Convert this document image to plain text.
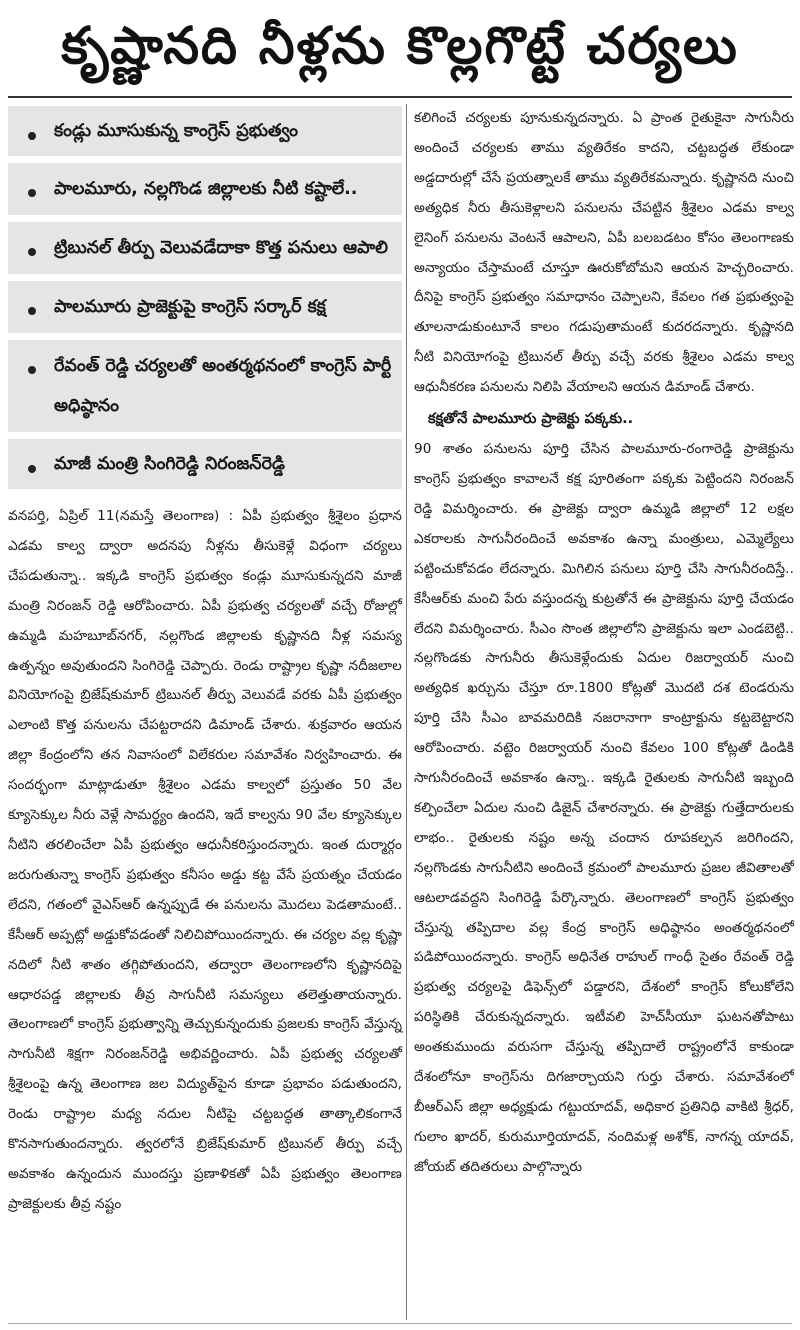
కృష్ణానది నీళ్లను కొల్లగొట్టే చర్యలు
కండ్లు మూసుకున్న కాంగ్రెస్ ప్రభుత్వం
పాలమూరు, నల్లగొండ జిల్లాలకు నీటి కష్టాలే..
ట్రిబునల్ తీర్పు వెలువడేదాకా కొత్త పనులు ఆపాలి
పాలమూరు ప్రాజెక్టుపై కాంగ్రెస్ సర్కార్ కక్ష
రేవంత్ రెడ్డి చర్యలతో అంతర్మథనంలో కాంగ్రెస్ పార్టీ అధిష్ఠానం
మాజీ మంత్రి సింగిరెడ్డి నిరంజన్‌రెడ్డి

వనపర్తి, ఏప్రిల్ 11(నమస్తే తెలంగాణ) : ఏపీ ప్రభుత్వం శ్రీశైలం ప్రధాన ఎడమ కాల్వ ద్వారా అదనపు నీళ్లను తీసుకెళ్లే విధంగా చర్యలు చేపడుతున్నా.. ఇక్కడి కాంగ్రెస్ ప్రభుత్వం కండ్లు మూసుకున్నదని మాజీ మంత్రి నిరంజన్ రెడ్డి ఆరోపించారు. ఏపీ ప్రభుత్వ చర్యలతో వచ్చే రోజుల్లో ఉమ్మడి మహబూబ్‌నగర్, నల్లగొండ జిల్లాలకు కృష్ణానది నీళ్ల సమస్య ఉత్పన్నం అవుతుందని సింగిరెడ్డి చెప్పారు. రెండు రాష్ట్రాల కృష్ణా నదీజలాల వినియోగంపై బ్రిజేష్‌కుమార్ ట్రిబునల్ తీర్పు వెలువడే వరకు ఏపీ ప్రభుత్వం ఎలాంటి కొత్త పనులను చేపట్టరాదని డిమాండ్ చేశారు. శుక్రవారం ఆయన జిల్లా కేంద్రంలోని తన నివాసంలో విలేకరుల సమావేశం నిర్వహించారు. ఈ సందర్భంగా మాట్లాడుతూ శ్రీశైలం ఎడమ కాల్వలో ప్రస్తుతం 50 వేల క్యూసెక్కుల నీరు వెళ్లే సామర్థ్యం ఉందని, ఇదే కాల్వను 90 వేల క్యూసెక్కుల నీటిని తరలించేలా ఏపీ ప్రభుత్వం ఆధునీకరిస్తుందన్నారు. ఇంత దుర్మార్గం జరుగుతున్నా కాంగ్రెస్ ప్రభుత్వం కనీసం అడ్డు కట్ట వేసే ప్రయత్నం చేయడం లేదని, గతంలో వైఎస్‌ఆర్ ఉన్నప్పుడే ఈ పనులను మొదలు పెడతామంటే.. కేసీఆర్ అప్పట్లో అడ్డుకోవడంతో నిలిచిపోయిందన్నారు. ఈ చర్యల వల్ల కృష్ణా నదిలో నీటి శాతం తగ్గిపోతుందని, తద్వారా తెలంగాణలోని కృష్ణానదిపై ఆధారపడ్డ జిల్లాలకు తీవ్ర సాగునీటి సమస్యలు తలెత్తుతాయన్నారు. తెలంగాణలో కాంగ్రెస్ ప్రభుత్వాన్ని తెచ్చుకున్నందుకు ప్రజలకు కాంగ్రెస్ వేస్తున్న సాగునీటి శిక్షగా నిరంజన్‌రెడ్డి అభివర్ణించారు. ఏపీ ప్రభుత్వ చర్యలతో శ్రీశైలంపై ఉన్న తెలంగాణ జల విద్యుత్‌పైన కూడా ప్రభావం పడుతుందని, రెండు రాష్ట్రాల మధ్య నదుల నీటిపై చట్టబద్ధత తాత్కాలికంగానే కొనసాగుతుందన్నారు. త్వరలోనే బ్రిజేష్‌కుమార్ ట్రిబునల్ తీర్పు వచ్చే అవకాశం ఉన్నందున ముందస్తు ప్రణాళికతో ఏపీ ప్రభుత్వం తెలంగాణ ప్రాజెక్టులకు తీవ్ర నష్టం

కలిగించే చర్యలకు పూనుకున్నదన్నారు. ఏ ప్రాంత రైతుకైనా సాగునీరు అందించే చర్యలకు తాము వ్యతిరేకం కాదని, చట్టబద్ధత లేకుండా అడ్డదారుల్లో చేసే ప్రయత్నాలకే తాము వ్యతిరేకమన్నారు. కృష్ణానది నుంచి అత్యధిక నీరు తీసుకెళ్లాలని పనులను చేపట్టిన శ్రీశైలం ఎడమ కాల్వ లైనింగ్ పనులను వెంటనే ఆపాలని, ఏపీ బలబడటం కోసం తెలంగాణకు అన్యాయం చేస్తామంటే చూస్తూ ఊరుకోబోమని ఆయన హెచ్చరించారు. దీనిపై కాంగ్రెస్ ప్రభుత్వం సమాధానం చెప్పాలని, కేవలం గత ప్రభుత్వంపై తూలనాడుకుంటూనే కాలం గడుపుతామంటే కుదరదన్నారు. కృష్ణానది నీటి వినియోగంపై ట్రిబునల్ తీర్పు వచ్చే వరకు శ్రీశైలం ఎడమ కాల్వ ఆధునీకరణ పనులను నిలిపి వేయాలని ఆయన డిమాండ్ చేశారు.

కక్షతోనే పాలమూరు ప్రాజెక్టు పక్కకు..

90 శాతం పనులను పూర్తి చేసిన పాలమూరు-రంగారెడ్డి ప్రాజెక్టును కాంగ్రెస్ ప్రభుత్వం కావాలనే కక్ష పూరితంగా పక్కకు పెట్టిందని నిరంజన్ రెడ్డి విమర్శించారు. ఈ ప్రాజెక్టు ద్వారా ఉమ్మడి జిల్లాలో 12 లక్షల ఎకరాలకు సాగునీరందించే అవకాశం ఉన్నా మంత్రులు, ఎమ్మెల్యేలు పట్టించుకోవడం లేదన్నారు. మిగిలిన పనులు పూర్తి చేసి సాగునీరందిస్తే.. కేసీఆర్‌కు మంచి పేరు వస్తుందన్న కుట్రతోనే ఈ ప్రాజెక్టును పూర్తి చేయడం లేదని విమర్శించారు. సీఎం సొంత జిల్లాలోని ప్రాజెక్టును ఇలా ఎండబెట్టి.. నల్లగొండకు సాగునీరు తీసుకెళ్లేందుకు ఏదుల రిజర్వాయర్ నుంచి అత్యధిక ఖర్చును చేస్తూ రూ.1800 కోట్లతో మొదటి దశ టెండరును పూర్తి చేసి సీఎం బావమరిదికి నజరానాగా కాంట్రాక్టును కట్టబెట్టారని ఆరోపించారు. వట్టెం రిజర్వాయర్ నుంచి కేవలం 100 కోట్లతో డిండికి సాగునీరందించే అవకాశం ఉన్నా.. ఇక్కడి రైతులకు సాగునీటి ఇబ్బంది కల్పించేలా ఏదుల నుంచి డిజైన్ చేశారన్నారు. ఈ ప్రాజెక్టు గుత్తేదారులకు లాభం.. రైతులకు నష్టం అన్న చందాన రూపకల్పన జరిగిందని, నల్లగొండకు సాగునీటిని అందించే క్రమంలో పాలమూరు ప్రజల జీవితాలతో ఆటలాడవద్దని సింగిరెడ్డి పేర్కొన్నారు. తెలంగాణలో కాంగ్రెస్ ప్రభుత్వం చేస్తున్న తప్పిదాల వల్ల కేంద్ర కాంగ్రెస్ అధిష్ఠానం అంతర్మథనంలో పడిపోయిందన్నారు. కాంగ్రెస్ అధినేత రాహుల్ గాంధీ సైతం రేవంత్ రెడ్డి ప్రభుత్వ చర్యలపై డిఫెన్స్‌లో పడ్డారని, దేశంలో కాంగ్రెస్ కోలుకోలేని పరిస్థితికి చేరుకున్నదన్నారు. ఇటీవలి హెచ్‌సీయూ ఘటనతోపాటు అంతకుముందు వరుసగా చేస్తున్న తప్పిదాలే రాష్ట్రంలోనే కాకుండా దేశంలోనూ కాంగ్రెస్‌ను దిగజార్చాయని గుర్తు చేశారు. సమావేశంలో బీఆర్‌ఎస్ జిల్లా అధ్యక్షుడు గట్టుయాదవ్, అధికార ప్రతినిధి వాకిటి శ్రీధర్, గులాం ఖాదర్, కురుమూర్తియాదవ్, నందిమళ్ల అశోక్, నాగన్న యాదవ్, జోయబ్ తదితరులు పాల్గొన్నారు
